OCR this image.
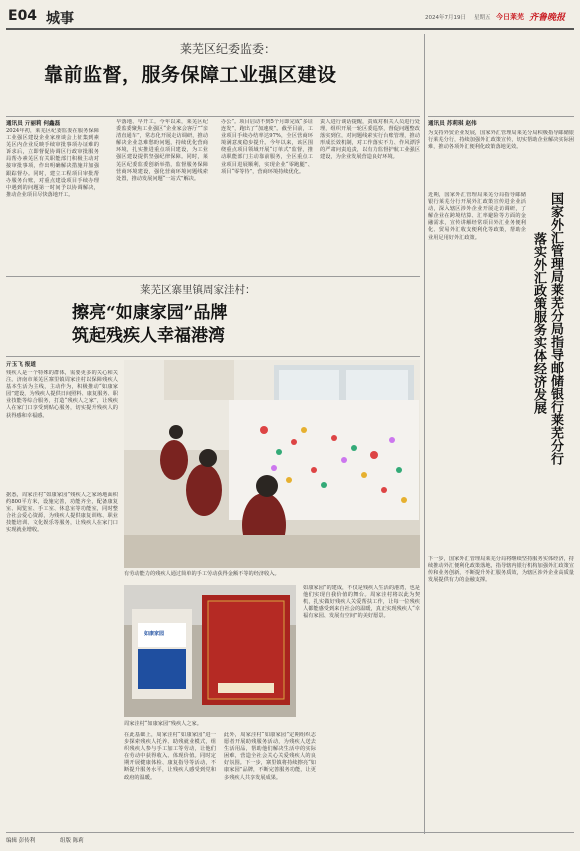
E04 城事	2024年7月19日 星期五 今日莱芜 齐鲁晚报
莱芜区纪委监委：
靠前监督，服务保障工业强区建设
通讯员 亓丽莉 何鑫磊
2024年初，莱芜区纪委监委在服务保障工业强区建设企业家座谈会上征集到素芜区内企业反映手续审批事项办证难的诉求后，立即督促协调区行政审批服务局帮办素芜区有关职能部门积极主动对接审批事项，作出明确解决措施并加强跟踪督办。同时，建立工程项目审批帮办服务台账，对重点建设项目手续办理中遇到的问题第一时间予以协调解决，推动企业项目尽快落地开工。
早落地、早开工。今年以来，莱芜区纪委监委聚焦工业强区“企业家会客厅”“亲清直通车”，常态化开展走访调研，推动解决企业急难愁盼问题，持续优化营商环境，扎实推进重点项目建设，为工业强区建设提供坚强纪律保障。同时，莱芜区纪委监委创新举措，监督服务保障营商环境建设，强化营商环境问题线索处置，推动发展问题“一站式”解决。
办公”。项目启动不到5个月即完成“多证连发”，跑出了“加速度”。截至目前，工业项目手续办结率达97%，全区营商环境满意度稳步提升。今年以来，该区围绕重点项目领域开展“订单式”监督，推动职能部门主动靠前服务，全区重点工业项目进展顺利，实现企业“零跑腿”、项目“零等待”，营商环境持续优化。
责人进行谈话提醒，责成对相关人员进行处理，组织开展一轮区委巡察，督促问题整改落实到位，对问题线索实行台账管理，推动形成长效机制，对工作落实不力、作风漂浮的严肃问责追责，以有力监督护航工业强区建设，为企业发展营造良好环境。
莱芜区寨里镇周家洼村：
擦亮“如康家园”品牌
筑起残疾人幸福港湾
亓玉飞 报道
残疾人是一个特殊的群体，需要更多的关心和关注。济南市莱芜区寨里镇周家洼村以保障残疾人基本生活为主线，主动作为，积极推动“如康家园”建设，为残疾人提供日间照料、康复服务、职业技能等综合服务，打造“残疾人之家”，让残疾人在家门口享受到贴心服务，切实提升残疾人的获得感和幸福感。
据悉，周家洼村“如康家园”残疾人之家场地面积约800平方米，设施完善，功能齐全，配备康复室、阅览室、手工室、休息室等功能室，同时整合社会爱心资源，为残疾人提供康复训练、职业技能培训、文化娱乐等服务，让残疾人在家门口实现就业增收。
有劳动能力的残疾人通过简单的手工劳动获得金额不等的经济收入。
如康家园
周家洼村“如康家园”残疾人之家。
在此基础上，周家洼村“如康家园”进一步探索残疾人托养、助残就业模式，组织残疾人参与手工加工等劳动，让他们在劳动中获得收入、体现价值。同时定期开展健康体检、康复指导等活动，不断提升服务水平，让残疾人感受到党和政府的温暖。
此外，周家洼村“如康家园”定期组织志愿者开展助残服务活动，为残疾人送去生活用品，帮助他们解决生活中的实际困难，营造全社会关心关爱残疾人的良好氛围。下一步，寨里镇将持续擦亮“如康家园”品牌，不断完善服务功能，让更多残疾人共享发展成果。
如康家园”的建成，不仅是残疾人生活的港湾，也是他们实现自我价值的舞台。周家洼村将以此为契机，扎实做好残疾人关爱帮扶工作，让每一位残疾人都能感受到来自社会的温暖，真正实现残疾人“幸福有家园、发展有空间”的美好愿景。
通讯员 苏莉琪 赵伟
为支持外贸企业发展，国家外汇管理局莱芜分局积极指导邮储银行莱芜分行，持续加强外汇政策宣传，切实帮助企业解决实际困难，推动各项外汇便利化政策落地见效。
国家外汇管理局莱芜分局指导邮储银行莱芜分行
落实外汇政策服务实体经济发展
近期，国家外汇管理局莱芜分局指导邮储银行莱芜分行开展外汇政策宣传进企业活动，深入辖区涉外企业开展走访调研，了解企业在跨境结算、汇率避险等方面的金融需求，宣传讲解经常项目外汇业务便利化、贸易外汇收支便利化等政策，帮助企业用足用好外汇政策。
下一步，国家外汇管理局莱芜分局将继续坚持服务实体经济，持续推动外汇便利化政策落地，指导辖内银行机构加强外汇政策宣传和业务创新，不断提升外汇服务质效，为辖区涉外企业高质量发展提供有力的金融支撑。
编辑 彭传利	组版 陈莉
